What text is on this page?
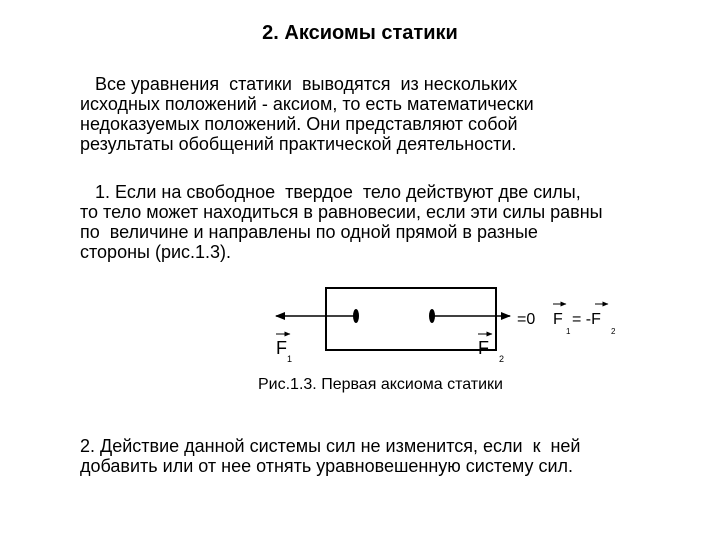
2. Аксиомы статики
Все уравнения  статики  выводятся  из нескольких
исходных положений - аксиом, то есть математически
недоказуемых положений. Они представляют собой
результаты обобщений практической деятельности.
1. Если на свободное  твердое  тело действуют две силы,
то тело может находиться в равновесии, если эти силы равны
по  величине и направлены по одной прямой в разные
стороны (рис.1.3).
F
1
F
2
=0 F
1
= -F
2
Рис.1.3. Первая аксиома статики
2. Действие данной системы сил не изменится, если  к  ней
добавить или от нее отнять уравновешенную систему сил.
